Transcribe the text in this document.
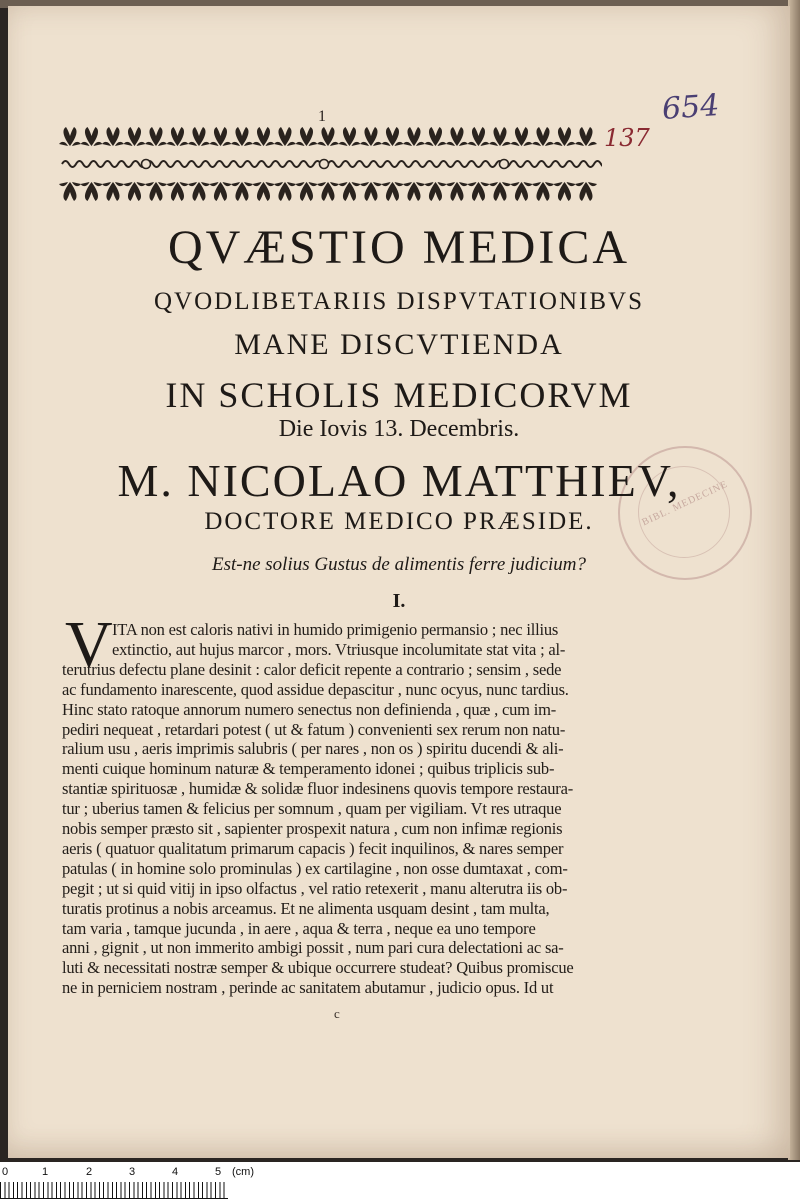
1	654
137
BIBL. MEDECINE
QVÆSTIO MEDICA
QVODLIBETARIIS DISPVTATIONIBVS
MANE DISCVTIENDA
IN SCHOLIS MEDICORVM
Die Iovis 13. Decembris.
M. NICOLAO MATTHIEV,
DOCTORE MEDICO PRÆSIDE.
Est-ne solius Gustus de alimentis ferre judicium?
I.
V ITA non est caloris nativi in humido primigenio permansio ; nec illius
extinctio, aut hujus marcor , mors. Vtriusque incolumitate stat vita ; al-
terutrius defectu plane desinit : calor deficit repente a contrario ; sensim , sede
ac fundamento inarescente, quod assidue depascitur , nunc ocyus, nunc tardius.
Hinc stato ratoque annorum numero senectus non definienda , quæ , cum im-
pediri nequeat , retardari potest ( ut & fatum ) convenienti sex rerum non natu-
ralium usu , aeris imprimis salubris ( per nares , non os ) spiritu ducendi & ali-
menti cuique hominum naturæ & temperamento idonei ; quibus triplicis sub-
stantiæ spirituosæ , humidæ & solidæ fluor indesinens quovis tempore restaura-
tur ; uberius tamen & felicius per somnum , quam per vigiliam. Vt res utraque
nobis semper præsto sit , sapienter prospexit natura , cum non infimæ regionis
aeris ( quatuor qualitatum primarum capacis ) fecit inquilinos, & nares semper
patulas ( in homine solo prominulas ) ex cartilagine , non osse dumtaxat , com-
pegit ; ut si quid vitij in ipso olfactus , vel ratio retexerit , manu alterutra iis ob-
turatis protinus a nobis arceamus. Et ne alimenta usquam desint , tam multa,
tam varia , tamque jucunda , in aere , aqua & terra , neque ea uno tempore
anni , gignit , ut non immerito ambigi possit , num pari cura delectationi ac sa-
luti & necessitati nostræ semper & ubique occurrere studeat? Quibus promiscue
ne in perniciem nostram , perinde ac sanitatem abutamur , judicio opus. Id ut
c
0	1	2	3	4	5 (cm)
